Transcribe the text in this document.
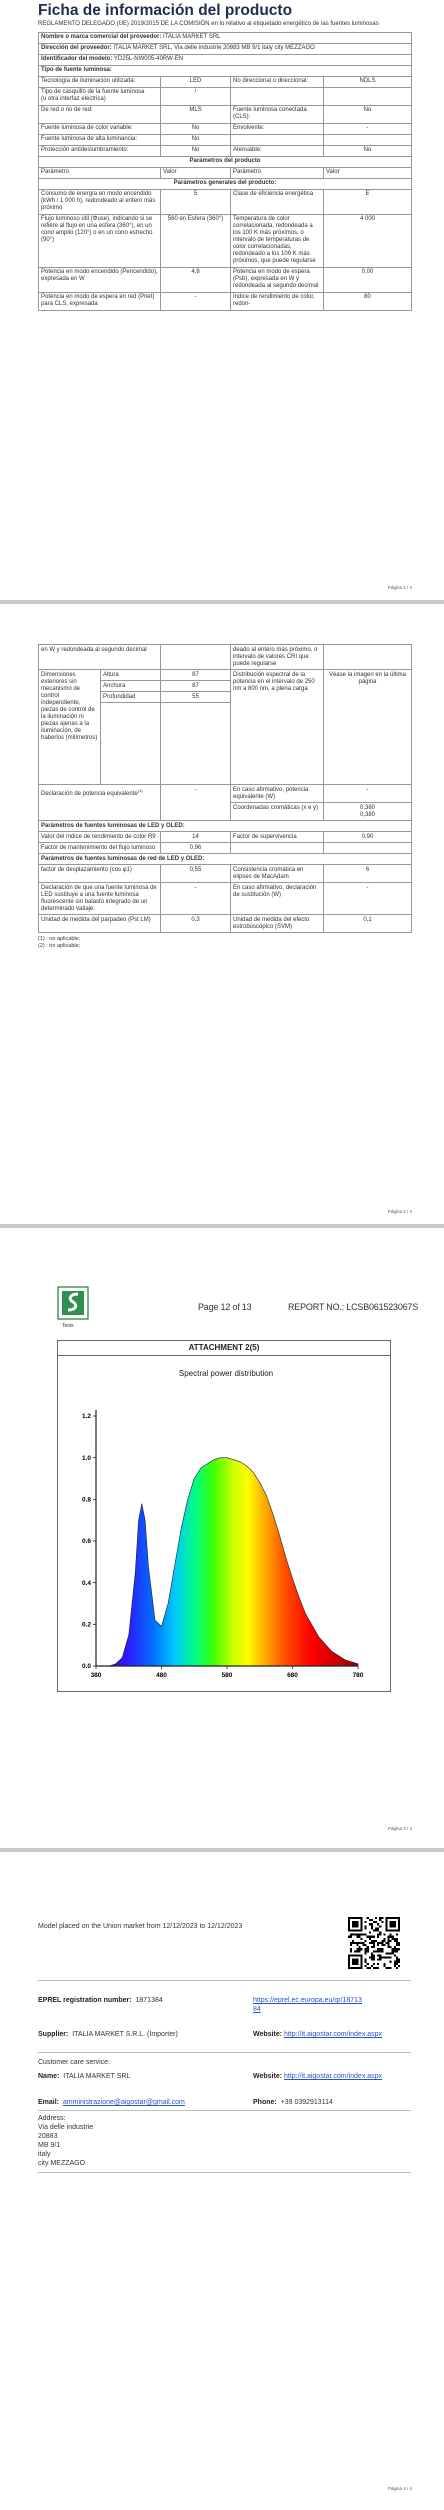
Ficha de información del producto
REGLAMENTO DELEGADO (UE) 2019/2015 DE LA COMISIÓN en lo relativo al etiquetado energético de las fuentes luminosas
Nombre o marca comercial del proveedor: ITALIA MARKET SRL			
Dirección del proveedor: ITALIA MARKET SRL, Via delle industrie 20883 MB 9/1 italy city MEZZAGO			
Identificador del modelo: YD25L-NW005-40RW-EN			
Tipo de fuente luminosa:			
Tecnología de iluminación utilizada:	LED	No direccional o direccional:	NDLS
Tipo de casquillo de la fuente luminosa
(u otra interfaz eléctrica)	/		
De red o no de red:	MLS	Fuente luminosa conectada (CLS):	No
Fuente luminosa de color variable:	No	Envolvente:	-
Fuente luminosa de alta luminancia:	No		
Protección antideslumbramiento:	No	Atenuable:	No
Parámetros del producto			
Parámetro	Valor	Parámetro	Valor
Parámetros generales del producto:			
Consumo de energía en modo encendido (kWh / 1 000 h), redondeado al entero más próximo	5	Clase de eficiencia energética	E
Flujo luminoso útil (Φuse), indicando si se refiere al flujo en una esfera (360°), en un cono amplio (120°) o en un cono estrecho (90°)	560 en Esfera (360°)	Temperatura de color correlacionada, redondeada a los 100 K más próximos, o intervalo de temperaturas de color correlacionadas, redondeado a los 100 K más próximos, que puede regularse	4 000
Potencia en modo encendido (Pencendido), expresada en W	4,8	Potencia en modo de espera (Psb), expresada en W y redondeada al segundo decimal	0,00
Potencia en modo de espera en red (Pnet) para CLS, expresada	-	Índice de rendimiento de color, redon-	80
Página 1 / 4
en W y redondeada al segundo decimal			deado al entero más próximo, o intervalo de valores CRI que puede regularse	
Dimensiones exteriores sin mecanismo de control independiente, piezas de control de la iluminación ni piezas ajenas a la iluminación, de haberlos (milímetros)	Altura	87	Distribución espectral de la potencia en el intervalo de 250 nm a 800 nm, a plena carga	Véase la imagen en la última página
	Anchura	87		
	Profundidad	55		

Declaración de potencia equivalente$^{(1)}$		-	En caso afirmativo, potencia equivalente (W)	-
			Coordenadas cromáticas (x e y)	0,380
0,380
Parámetros de fuentes luminosas de LED y OLED:				
Valor del índice de rendimiento de color R9		14	Factor de supervivencia	0,90
Factor de mantenimiento del flujo luminoso		0,96		
Parámetros de fuentes luminosas de red de LED y OLED:				
factor de desplazamiento (cos φ1)		0,55	Consistencia cromática en elipses de MacAdam	6
Declaración de que una fuente luminosa de LED sustituye a una fuente luminosa fluorescente sin balasto integrado de un determinado vatiaje.		-	En caso afirmativo, declaración de sustitución (W)	-
Unidad de medida del parpadeo (Pst LM)		0,3	Unidad de medida del efecto estroboscópico (SVM)	0,1
(1) : no aplicable;
(2) : no aplicable;
Página 2 / 4
Tests
Page 12 of 13	REPORT NO.: LCSB061523067S
ATTACHMENT 2(5)
Spectral power distribution
380	480	580	680	780
0.0
0.2
0.4
0.6
0.8
1.0
1.2
Página 3 / 4
Model placed on the Union market from 12/12/2023 to 12/12/2023
EPREL registration number: 1871384	https://eprel.ec.europa.eu/qr/1871384
Supplier: ITALIA MARKET S.R.L. (Importer)	Website: http://it.aigostar.com/index.aspx
Customer care service:
Name: ITALIA MARKET SRL	Website: http://it.aigostar.com/index.aspx
Email: amministrazione@aigostar@gmail.com	Phone: +39 0392913114
Address:
Via delle industrie
20883
MB 9/1
italy
city MEZZAGO
Página 4 / 4
